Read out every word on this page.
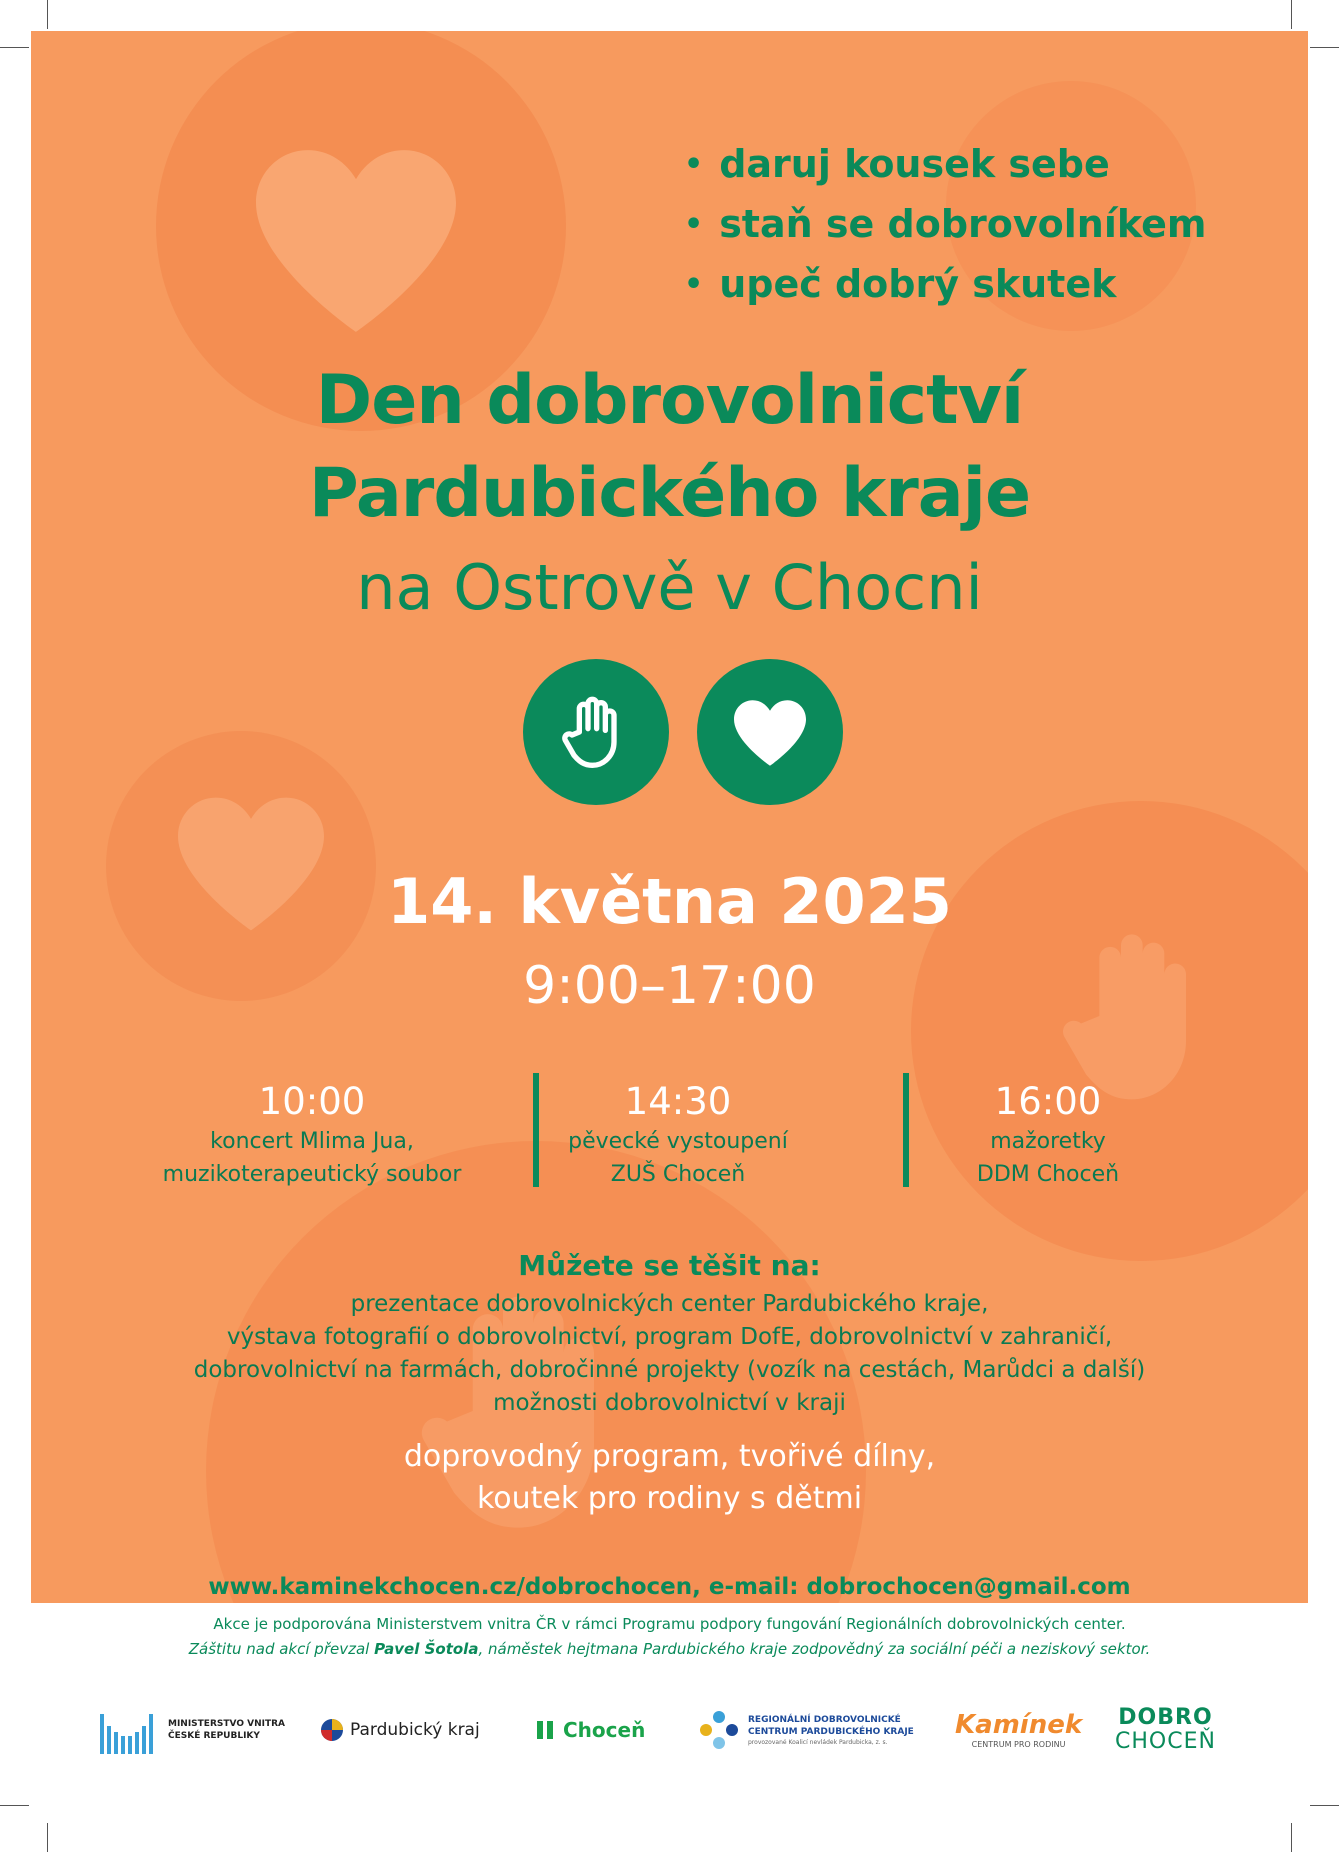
• daruj kousek sebe
• staň se dobrovolníkem
• upeč dobrý skutek
Den dobrovolnictví
Pardubického kraje
na Ostrově v Chocni
14. května 2025
9:00–17:00
10:00
koncert Mlima Jua,
muzikoterapeutický soubor
14:30
pěvecké vystoupení
ZUŠ Choceň
16:00
mažoretky
DDM Choceň
Můžete se těšit na:
prezentace dobrovolnických center Pardubického kraje,
výstava fotografií o dobrovolnictví, program DofE, dobrovolnictví v zahraničí,
dobrovolnictví na farmách, dobročinné projekty (vozík na cestách, Marůdci a další)
možnosti dobrovolnictví v kraji
doprovodný program, tvořivé dílny,
koutek pro rodiny s dětmi
www.kaminekchocen.cz/dobrochocen, e-mail: dobrochocen@gmail.com
Akce je podporována Ministerstvem vnitra ČR v rámci Programu podpory fungování Regionálních dobrovolnických center.
Záštitu nad akcí převzal Pavel Šotola, náměstek hejtmana Pardubického kraje zodpovědný za sociální péči a neziskový sektor.
MINISTERSTVO VNITRA
ČESKÉ REPUBLIKY	Pardubický kraj	Choceň	REGIONÁLNÍ DOBROVOLNICKÉ
CENTRUM PARDUBICKÉHO KRAJE
provozované Koalicí nevládek Pardubicka, z. s.
Kamínek
CENTRUM PRO RODINU
DOBRO
CHOCEŇ
